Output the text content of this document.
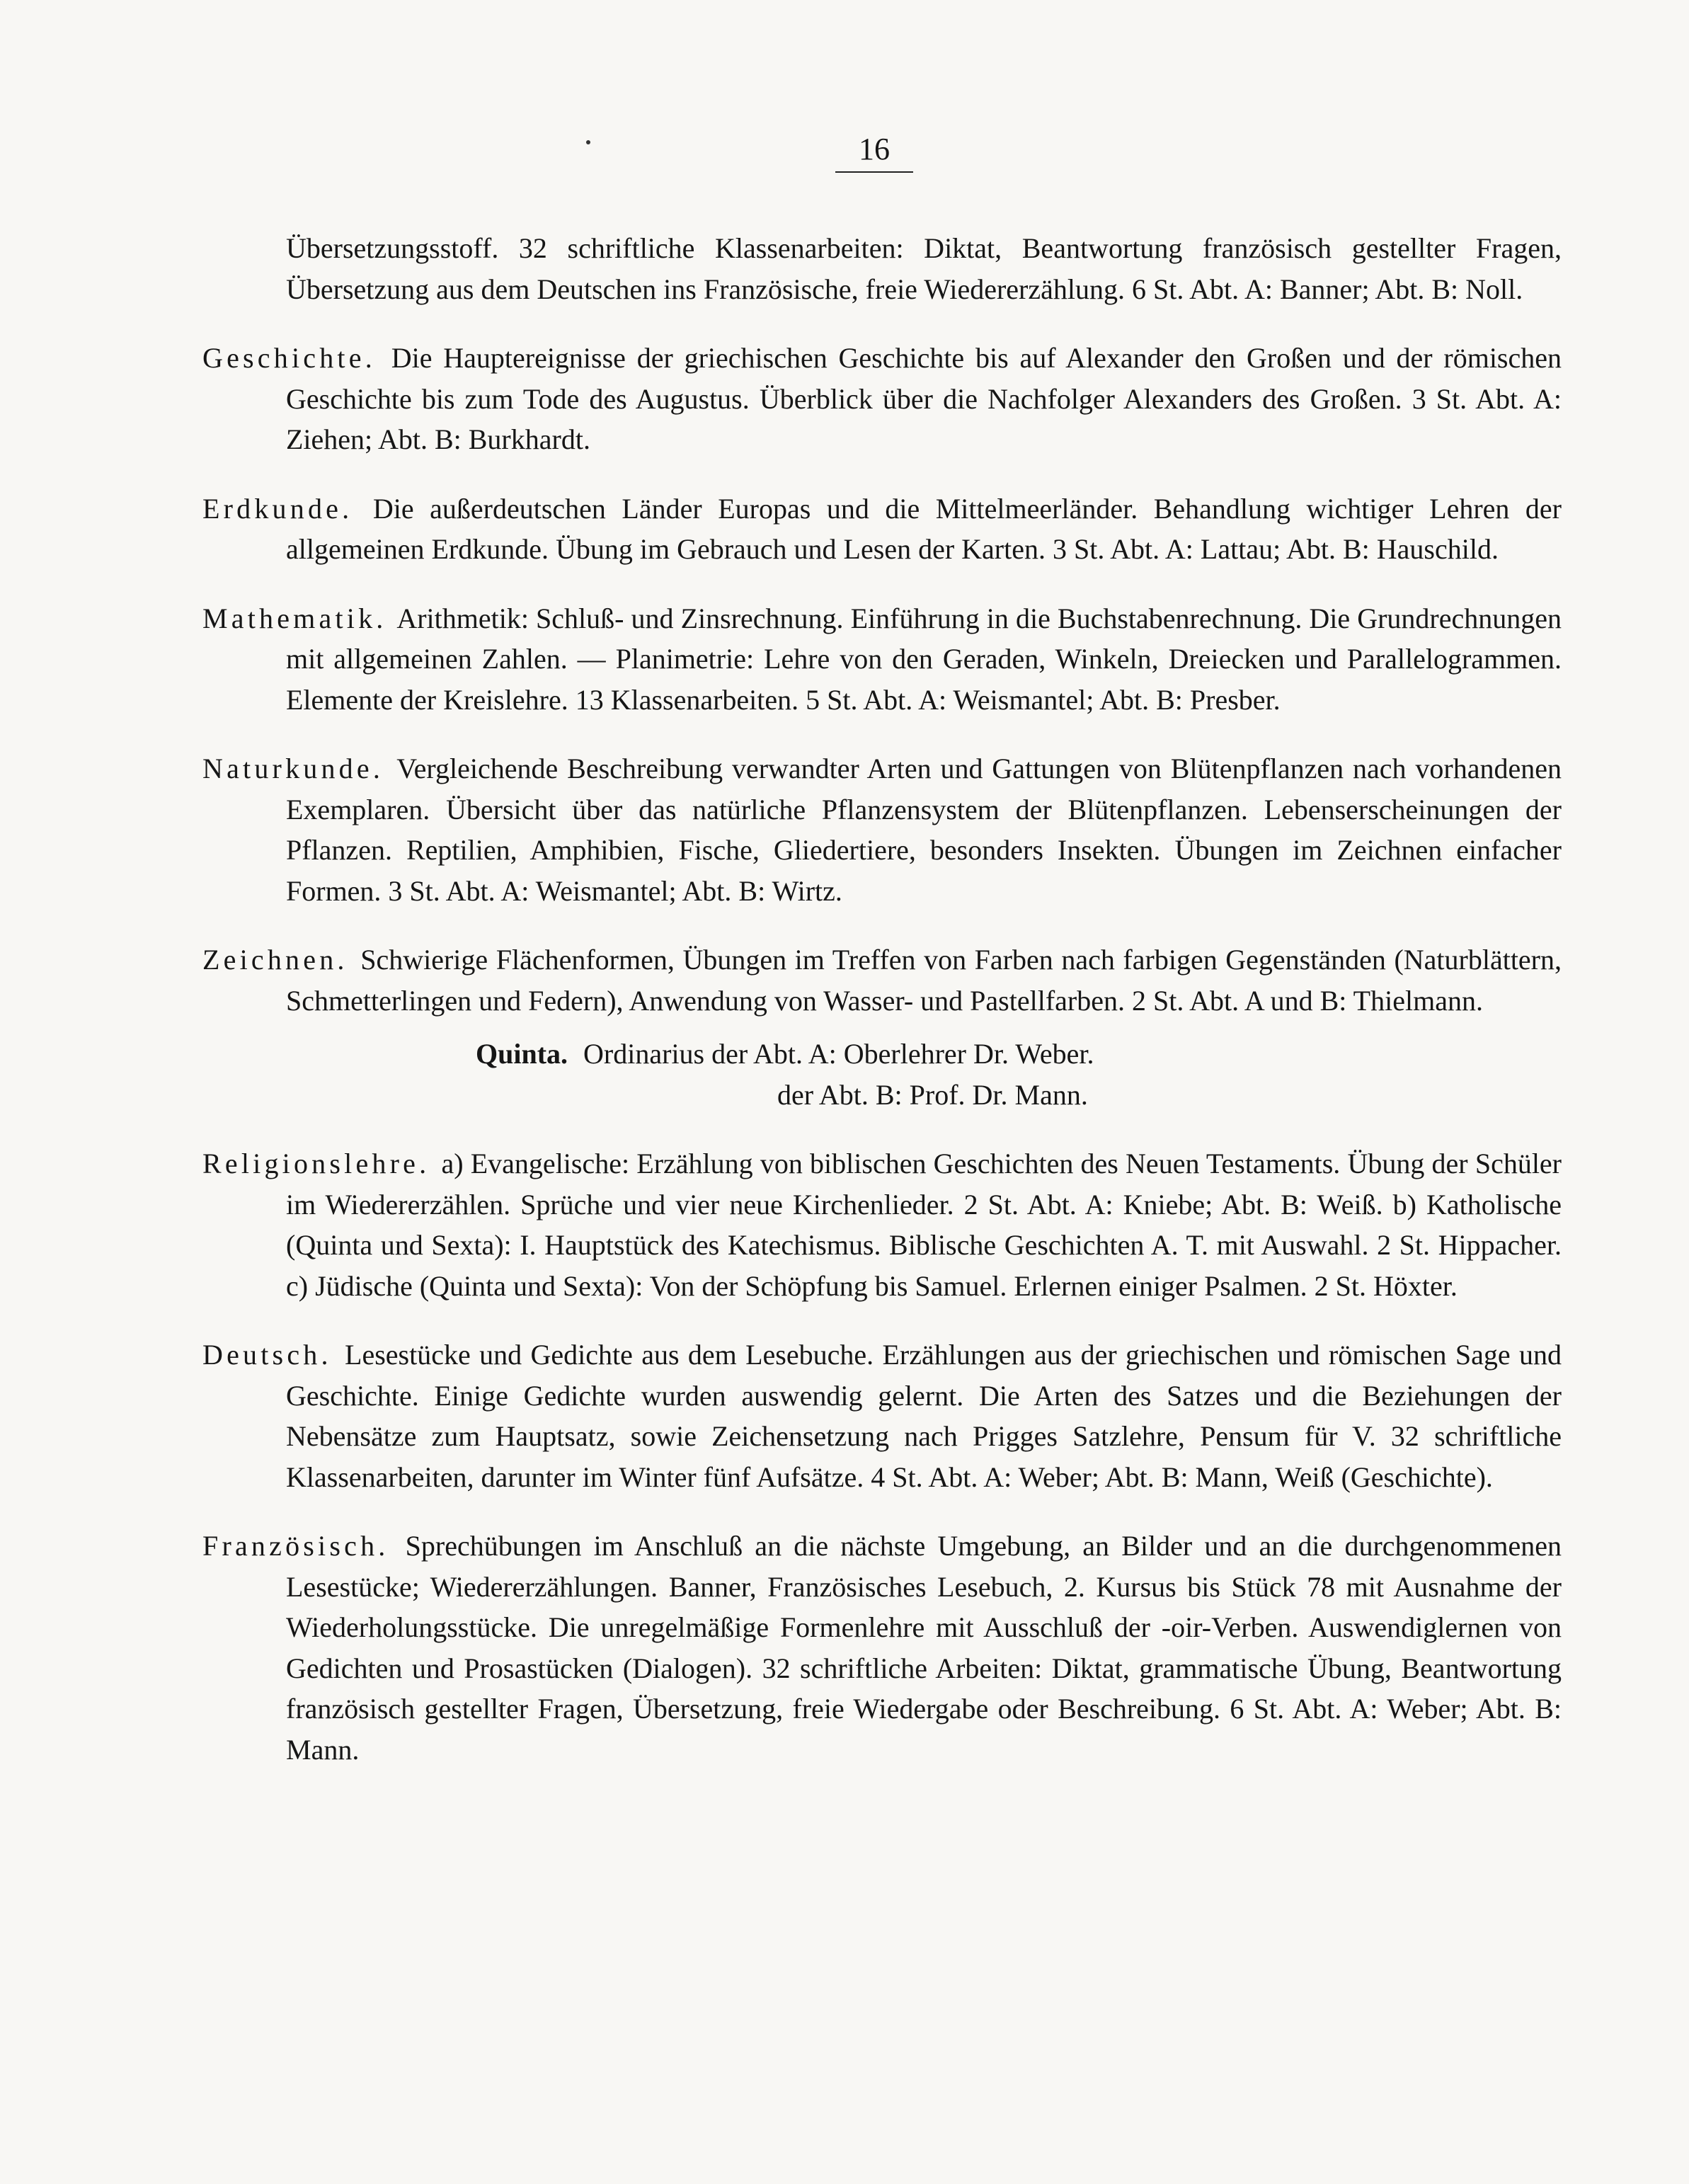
16

Übersetzungsstoff. 32 schriftliche Klassenarbeiten: Diktat, Beantwortung französisch gestellter Fragen, Übersetzung aus dem Deutschen ins Französische, freie Wiedererzählung. 6 St. Abt. A: Banner; Abt. B: Noll.

Geschichte. Die Hauptereignisse der griechischen Geschichte bis auf Alexander den Großen und der römischen Geschichte bis zum Tode des Augustus. Überblick über die Nachfolger Alexanders des Großen. 3 St. Abt. A: Ziehen; Abt. B: Burkhardt.

Erdkunde. Die außerdeutschen Länder Europas und die Mittelmeerländer. Behandlung wichtiger Lehren der allgemeinen Erdkunde. Übung im Gebrauch und Lesen der Karten. 3 St. Abt. A: Lattau; Abt. B: Hauschild.

Mathematik. Arithmetik: Schluß- und Zinsrechnung. Einführung in die Buchstabenrechnung. Die Grundrechnungen mit allgemeinen Zahlen. — Planimetrie: Lehre von den Geraden, Winkeln, Dreiecken und Parallelogrammen. Elemente der Kreislehre. 13 Klassenarbeiten. 5 St. Abt. A: Weismantel; Abt. B: Presber.

Naturkunde. Vergleichende Beschreibung verwandter Arten und Gattungen von Blütenpflanzen nach vorhandenen Exemplaren. Übersicht über das natürliche Pflanzensystem der Blütenpflanzen. Lebenserscheinungen der Pflanzen. Reptilien, Amphibien, Fische, Gliedertiere, besonders Insekten. Übungen im Zeichnen einfacher Formen. 3 St. Abt. A: Weismantel; Abt. B: Wirtz.

Zeichnen. Schwierige Flächenformen, Übungen im Treffen von Farben nach farbigen Gegenständen (Naturblättern, Schmetterlingen und Federn), Anwendung von Wasser- und Pastellfarben. 2 St. Abt. A und B: Thielmann.

Quinta. Ordinarius der Abt. A: Oberlehrer Dr. Weber.
der Abt. B: Prof. Dr. Mann.

Religionslehre. a) Evangelische: Erzählung von biblischen Geschichten des Neuen Testaments. Übung der Schüler im Wiedererzählen. Sprüche und vier neue Kirchenlieder. 2 St. Abt. A: Kniebe; Abt. B: Weiß. b) Katholische (Quinta und Sexta): I. Hauptstück des Katechismus. Biblische Geschichten A. T. mit Auswahl. 2 St. Hippacher. c) Jüdische (Quinta und Sexta): Von der Schöpfung bis Samuel. Erlernen einiger Psalmen. 2 St. Höxter.

Deutsch. Lesestücke und Gedichte aus dem Lesebuche. Erzählungen aus der griechischen und römischen Sage und Geschichte. Einige Gedichte wurden auswendig gelernt. Die Arten des Satzes und die Beziehungen der Nebensätze zum Hauptsatz, sowie Zeichensetzung nach Prigges Satzlehre, Pensum für V. 32 schriftliche Klassenarbeiten, darunter im Winter fünf Aufsätze. 4 St. Abt. A: Weber; Abt. B: Mann, Weiß (Geschichte).

Französisch. Sprechübungen im Anschluß an die nächste Umgebung, an Bilder und an die durchgenommenen Lesestücke; Wiedererzählungen. Banner, Französisches Lesebuch, 2. Kursus bis Stück 78 mit Ausnahme der Wiederholungsstücke. Die unregelmäßige Formenlehre mit Ausschluß der -oir-Verben. Auswendiglernen von Gedichten und Prosastücken (Dialogen). 32 schriftliche Arbeiten: Diktat, grammatische Übung, Beantwortung französisch gestellter Fragen, Übersetzung, freie Wiedergabe oder Beschreibung. 6 St. Abt. A: Weber; Abt. B: Mann.
